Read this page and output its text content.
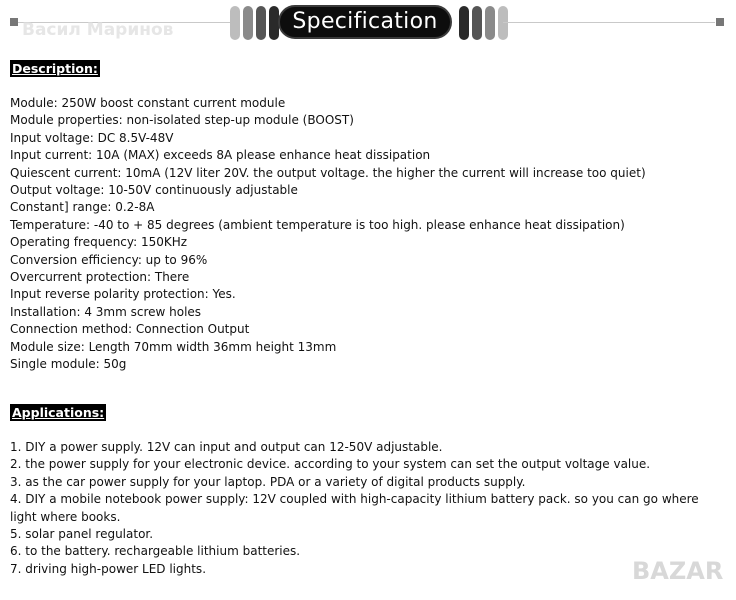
Specification
Васил Маринов
Description:
Module: 250W boost constant current module
Module properties: non-isolated step-up module (BOOST)
Input voltage: DC 8.5V-48V
Input current: 10A (MAX) exceeds 8A please enhance heat dissipation
Quiescent current: 10mA (12V liter 20V. the output voltage. the higher the current will increase too quiet)
Output voltage: 10-50V continuously adjustable
Constant] range: 0.2-8A
Temperature: -40 to + 85 degrees (ambient temperature is too high. please enhance heat dissipation)
Operating frequency: 150KHz
Conversion efficiency: up to 96%
Overcurrent protection: There
Input reverse polarity protection: Yes.
Installation: 4 3mm screw holes
Connection method: Connection Output
Module size: Length 70mm width 36mm height 13mm
Single module: 50g
Applications:
1. DIY a power supply. 12V can input and output can 12-50V adjustable.
2. the power supply for your electronic device. according to your system can set the output voltage value.
3. as the car power supply for your laptop. PDA or a variety of digital products supply.
4. DIY a mobile notebook power supply: 12V coupled with high-capacity lithium battery pack. so you can go where light where books.
5. solar panel regulator.
6. to the battery. rechargeable lithium batteries.
7. driving high-power LED lights.	BAZAR
